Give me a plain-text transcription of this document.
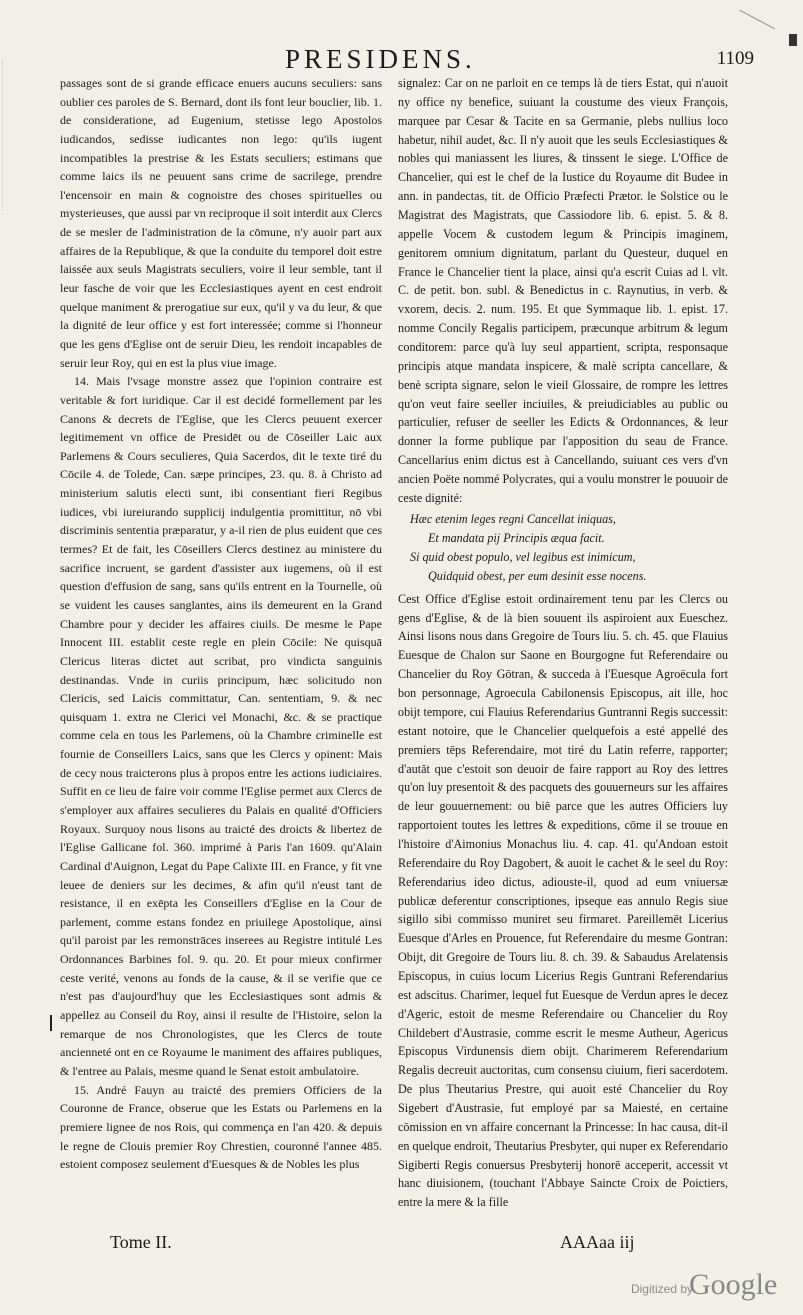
PRESIDENS.	1109

passages sont de si grande efficace enuers aucuns seculiers: sans oublier ces paroles de S. Bernard, dont ils font leur bouclier, lib. 1. de consideratione, ad Eugenium, stetisse lego Apostolos iudicandos, sedisse iudicantes non lego: qu'ils iugent incompatibles la prestrise & les Estats seculiers; estimans que comme laics ils ne peuuent sans crime de sacrilege, prendre l'encensoir en main & cognoistre des choses spirituelles ou mysterieuses, que aussi par vn reciproque il soit interdit aux Clercs de se mesler de l'administration de la cōmune, n'y auoir part aux affaires de la Republique, & que la conduite du temporel doit estre laissée aux seuls Magistrats seculiers, voire il leur semble, tant il leur fasche de voir que les Ecclesiastiques ayent en cest endroit quelque maniment & prerogatiue sur eux, qu'il y va du leur, & que la dignité de leur office y est fort interessée; comme si l'honneur que les gens d'Eglise ont de seruir Dieu, les rendoit incapables de seruir leur Roy, qui en est la plus viue image.

14. Mais l'vsage monstre assez que l'opinion contraire est veritable & fort iuridique. Car il est decidé formellement par les Canons & decrets de l'Eglise, que les Clercs peuuent exercer legitimement vn office de Presidēt ou de Cōseiller Laic aux Parlemens & Cours seculieres, Quia Sacerdos, dit le texte tiré du Cōcile 4. de Tolede, Can. sæpe principes, 23. qu. 8. à Christo ad ministerium salutis electi sunt, ibi consentiant fieri Regibus iudices, vbi iureiurando supplicij indulgentia promittitur, nō vbi discriminis sententia præparatur, y a-il rien de plus euident que ces termes? Et de fait, les Cōseillers Clercs destinez au ministere du sacrifice incruent, se gardent d'assister aux iugemens, où il est question d'effusion de sang, sans qu'ils entrent en la Tournelle, où se vuident les causes sanglantes, ains ils demeurent en la Grand Chambre pour y decider les affaires ciuils. De mesme le Pape Innocent III. establit ceste regle en plein Cōcile: Ne quisquā Clericus literas dictet aut scribat, pro vindicta sanguinis destinandas. Vnde in curiis principum, hæc solicitudo non Clericis, sed Laicis committatur, Can. sententiam, 9. & nec quisquam 1. extra ne Clerici vel Monachi, &c. & se practique comme cela en tous les Parlemens, où la Chambre criminelle est fournie de Conseillers Laics, sans que les Clercs y opinent: Mais de cecy nous traicterons plus à propos entre les actions iudiciaires. Suffit en ce lieu de faire voir comme l'Eglise permet aux Clercs de s'employer aux affaires seculieres du Palais en qualité d'Officiers Royaux. Surquoy nous lisons au traicté des droicts & libertez de l'Eglise Gallicane fol. 360. imprimé à Paris l'an 1609. qu'Alain Cardinal d'Auignon, Legat du Pape Calixte III. en France, y fit vne leuee de deniers sur les decimes, & afin qu'il n'eust tant de resistance, il en exēpta les Conseillers d'Eglise en la Cour de parlement, comme estans fondez en priuilege Apostolique, ainsi qu'il paroist par les remonstrāces inserees au Registre intitulé Les Ordonnances Barbines fol. 9. qu. 20. Et pour mieux confirmer ceste verité, venons au fonds de la cause, & il se verifie que ce n'est pas d'aujourd'huy que les Ecclesiastiques sont admis & appellez au Conseil du Roy, ainsi il resulte de l'Histoire, selon la remarque de nos Chronologistes, que les Clercs de toute ancienneté ont en ce Royaume le maniment des affaires publiques, & l'entree au Palais, mesme quand le Senat estoit ambulatoire.

15. André Fauyn au traicté des premiers Officiers de la Couronne de France, obserue que les Estats ou Parlemens en la premiere lignee de nos Rois, qui commença en l'an 420. & depuis le regne de Clouis premier Roy Chrestien, couronné l'annee 485. estoient composez seulement d'Euesques & de Nobles les plus

signalez: Car on ne parloit en ce temps là de tiers Estat, qui n'auoit ny office ny benefice, suiuant la coustume des vieux François, marquee par Cesar & Tacite en sa Germanie, plebs nullius loco habetur, nihil audet, &c. Il n'y auoit que les seuls Ecclesiastiques & nobles qui maniassent les liures, & tinssent le siege. L'Office de Chancelier, qui est le chef de la Iustice du Royaume dit Budee in ann. in pandectas, tit. de Officio Præfecti Prætor. le Solstice ou le Magistrat des Magistrats, que Cassiodore lib. 6. epist. 5. & 8. appelle Vocem & custodem legum & Principis imaginem, genitorem omnium dignitatum, parlant du Questeur, duquel en France le Chancelier tient la place, ainsi qu'a escrit Cuias ad l. vlt. C. de petit. bon. subl. & Benedictus in c. Raynutius, in verb. & vxorem, decis. 2. num. 195. Et que Symmaque lib. 1. epist. 17. nomme Concily Regalis participem, præcunque arbitrum & legum conditorem: parce qu'à luy seul appartient, scripta, responsaque principis atque mandata inspicere, & malè scripta cancellare, & benè scripta signare, selon le vieil Glossaire, de rompre les lettres qu'on veut faire seeller inciuiles, & preiudiciables au public ou particulier, refuser de seeller les Edicts & Ordonnances, & leur donner la forme publique par l'apposition du seau de France. Cancellarius enim dictus est à Cancellando, suiuant ces vers d'vn ancien Poëte nommé Polycrates, qui a voulu monstrer le pouuoir de ceste dignité:

Hæc etenim leges regni Cancellat iniquas,
Et mandata pij Principis æqua facit.
Si quid obest populo, vel legibus est inimicum,
Quidquid obest, per eum desinit esse nocens.

Cest Office d'Eglise estoit ordinairement tenu par les Clercs ou gens d'Eglise, & de là bien souuent ils aspiroient aux Eueschez. Ainsi lisons nous dans Gregoire de Tours liu. 5. ch. 45. que Flauius Euesque de Chalon sur Saone en Bourgogne fut Referendaire ou Chancelier du Roy Gōtran, & succeda à l'Euesque Agroëcula fort bon personnage, Agroecula Cabilonensis Episcopus, ait ille, hoc obijt tempore, cui Flauius Referendarius Guntranni Regis successit: estant notoire, que le Chancelier quelquefois a esté appellé des premiers tēps Referendaire, mot tiré du Latin referre, rapporter; d'autāt que c'estoit son deuoir de faire rapport au Roy des lettres qu'on luy presentoit & des pacquets des gouuerneurs sur les affaires de leur gouuernement: ou biē parce que les autres Officiers luy rapportoient toutes les lettres & expeditions, cōme il se trouue en l'histoire d'Aimonius Monachus liu. 4. cap. 41. qu'Andoan estoit Referendaire du Roy Dagobert, & auoit le cachet & le seel du Roy: Referendarius ideo dictus, adiouste-il, quod ad eum vniuersæ publicæ deferentur conscriptiones, ipseque eas annulo Regis siue sigillo sibi commisso muniret seu firmaret. Pareillemēt Licerius Euesque d'Arles en Prouence, fut Referendaire du mesme Gontran: Obijt, dit Gregoire de Tours liu. 8. ch. 39. & Sabaudus Arelatensis Episcopus, in cuius locum Licerius Regis Guntrani Referendarius est adscitus. Charimer, lequel fut Euesque de Verdun apres le decez d'Ageric, estoit de mesme Referendaire ou Chancelier du Roy Childebert d'Austrasie, comme escrit le mesme Autheur, Agericus Episcopus Virdunensis diem obijt. Charimerem Referendarium Regalis decreuit auctoritas, cum consensu ciuium, fieri sacerdotem. De plus Theutarius Prestre, qui auoit esté Chancelier du Roy Sigebert d'Austrasie, fut employé par sa Maiesté, en certaine cōmission en vn affaire concernant la Princesse: In hac causa, dit-il en quelque endroit, Theutarius Presbyter, qui nuper ex Referendario Sigiberti Regis conuersus Presbyterij honorē acceperit, accessit vt hanc diuisionem, (touchant l'Abbaye Saincte Croix de Poictiers, entre la mere & la fille

Tome II.	AAAaa iij
Digitized by
Google
